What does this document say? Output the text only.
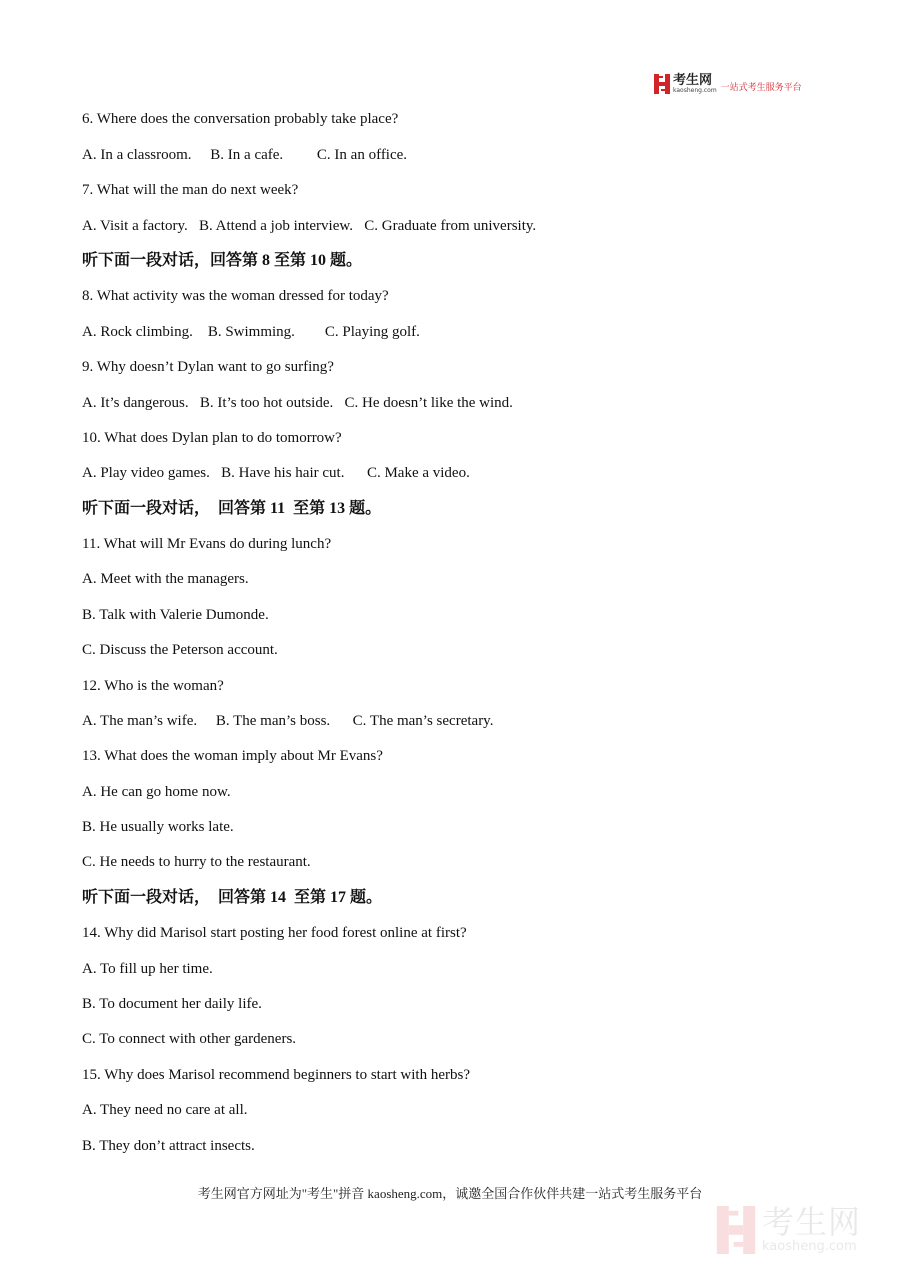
考生网
kaosheng.com 一站式考生服务平台
6. Where does the conversation probably take place?
A. In a classroom.     B. In a cafe.         C. In an office.
7. What will the man do next week?
A. Visit a factory.   B. Attend a job interview.   C. Graduate from university.
听下面一段对话，回答第 8 至第 10 题。
8. What activity was the woman dressed for today?
A. Rock climbing.    B. Swimming.        C. Playing golf.
9. Why doesn’t Dylan want to go surfing?
A. It’s dangerous.   B. It’s too hot outside.   C. He doesn’t like the wind.
10. What does Dylan plan to do tomorrow?
A. Play video games.   B. Have his hair cut.      C. Make a video.
听下面一段对话，  回答第 11  至第 13 题。
11. What will Mr Evans do during lunch?
A. Meet with the managers.
B. Talk with Valerie Dumonde.
C. Discuss the Peterson account.
12. Who is the woman?
A. The man’s wife.     B. The man’s boss.      C. The man’s secretary.
13. What does the woman imply about Mr Evans?
A. He can go home now.
B. He usually works late.
C. He needs to hurry to the restaurant.
听下面一段对话，  回答第 14  至第 17 题。
14. Why did Marisol start posting her food forest online at first?
A. To fill up her time.
B. To document her daily life.
C. To connect with other gardeners.
15. Why does Marisol recommend beginners to start with herbs?
A. They need no care at all.
B. They don’t attract insects.
考生网官方网址为"考生"拼音 kaosheng.com，诚邀全国合作伙伴共建一站式考生服务平台
考生网
kaosheng.com
